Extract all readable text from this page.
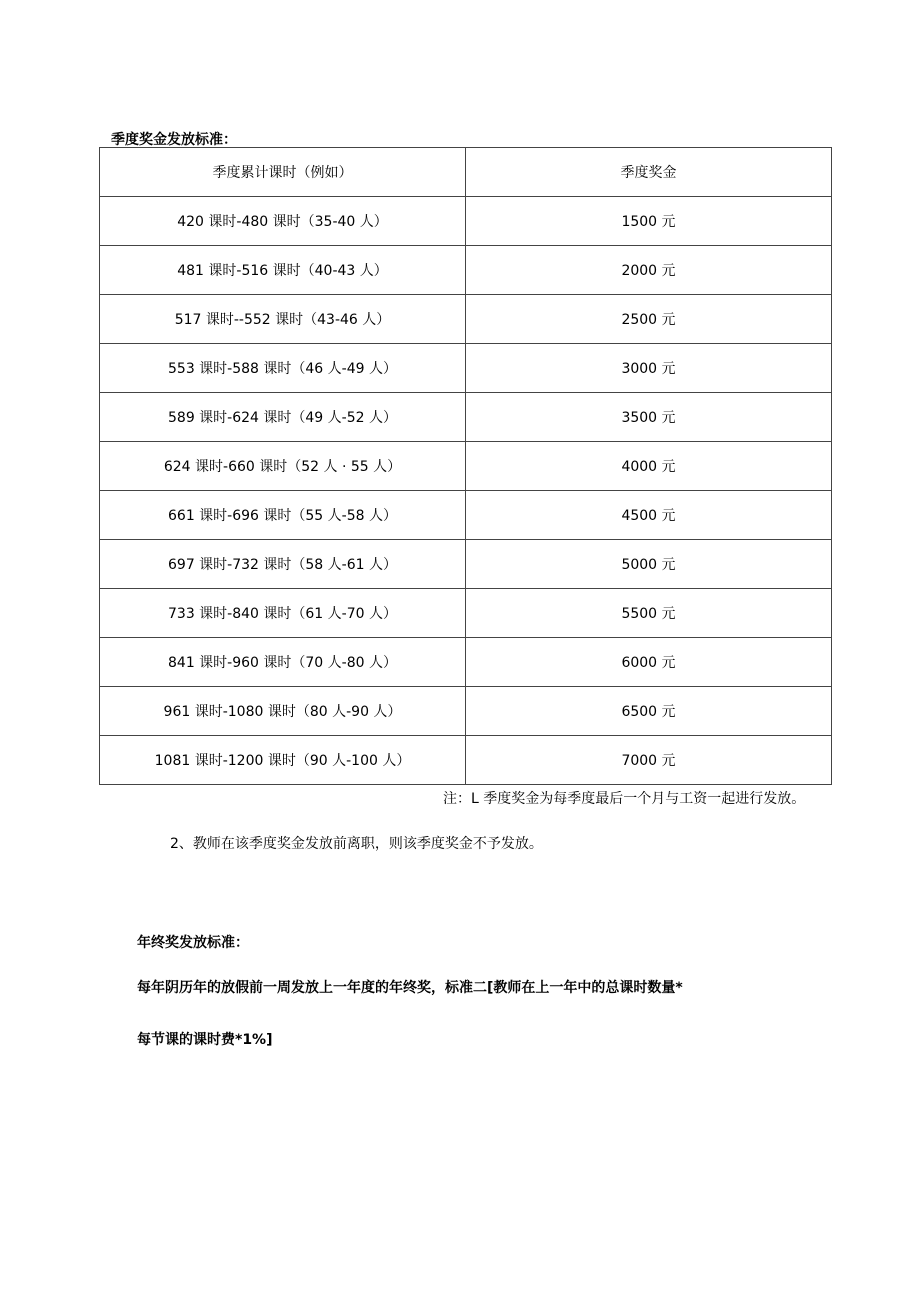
季度奖金发放标准：
季度累计课时（例如）	季度奖金
420 课时-480 课时（35-40 人）	1500 元
481 课时-516 课时（40-43 人）	2000 元
517 课时--552 课时（43-46 人）	2500 元
553 课时-588 课时（46 人-49 人）	3000 元
589 课时-624 课时（49 人-52 人）	3500 元
624 课时-660 课时（52 人 · 55 人）	4000 元
661 课时-696 课时（55 人-58 人）	4500 元
697 课时-732 课时（58 人-61 人）	5000 元
733 课时-840 课时（61 人-70 人）	5500 元
841 课时-960 课时（70 人-80 人）	6000 元
961 课时-1080 课时（80 人-90 人）	6500 元
1081 课时-1200 课时（90 人-100 人）	7000 元
注：L 季度奖金为每季度最后一个月与工资一起进行发放。
2、教师在该季度奖金发放前离职，则该季度奖金不予发放。
年终奖发放标准：
每年阴历年的放假前一周发放上一年度的年终奖，标准二[教师在上一年中的总课时数量*
每节课的课时费*1%]
